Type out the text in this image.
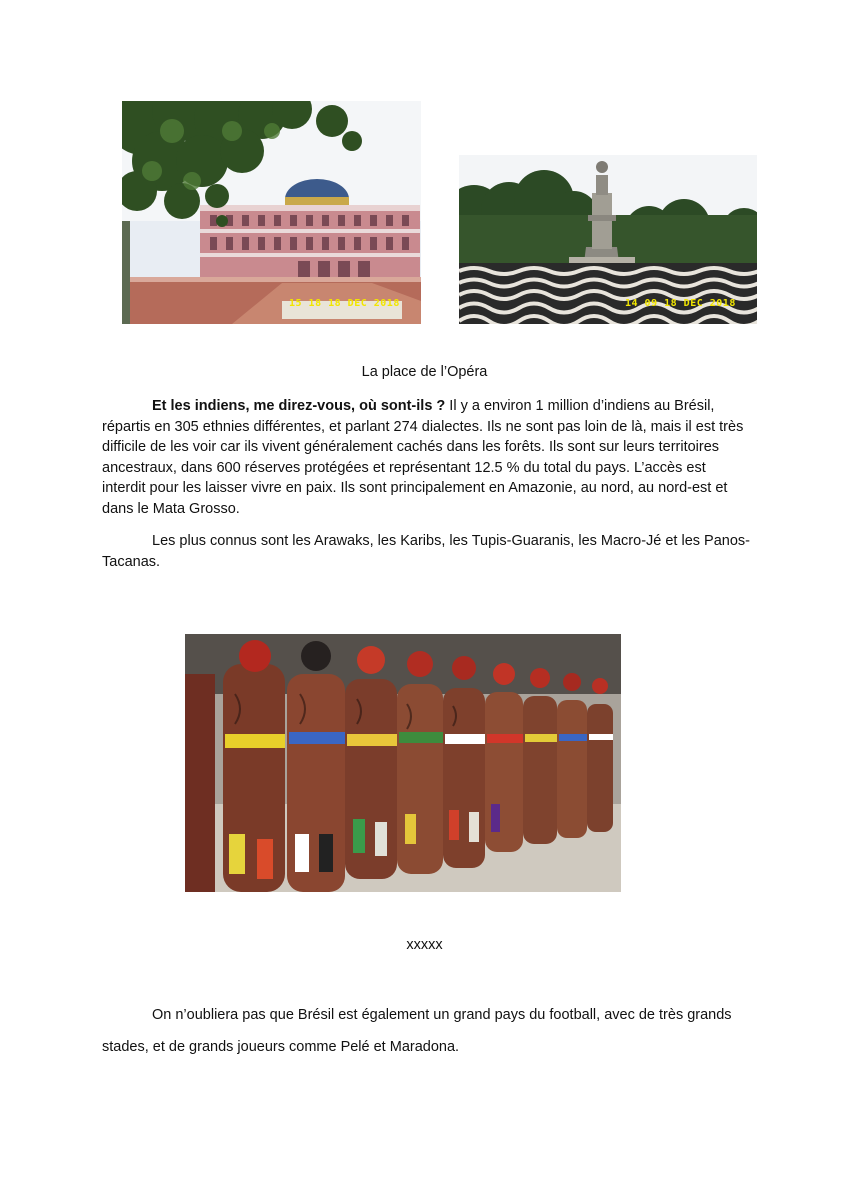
15 18 18 DEC 2018	14 09 18 DEC 2018
La place de l’Opéra

Et les indiens, me direz-vous, où sont-ils ? Il y a environ 1 million d’indiens au Brésil, répartis en 305 ethnies différentes, et parlant 274 dialectes. Ils ne sont pas loin de là, mais il est très difficile de les voir car ils vivent généralement cachés dans les forêts. Ils sont sur leurs territoires ancestraux, dans 600 réserves protégées et représentant 12.5 % du total du pays. L’accès est interdit pour les laisser vivre en paix. Ils sont principalement en Amazonie, au nord, au nord-est et dans le Mata Grosso.

Les plus connus sont les Arawaks, les Karibs, les Tupis-Guaranis, les Macro-Jé et les Panos-Tacanas.

xxxxx

On n’oubliera pas que Brésil est également un grand pays du football, avec de très grands stades, et de grands joueurs comme Pelé et Maradona.
